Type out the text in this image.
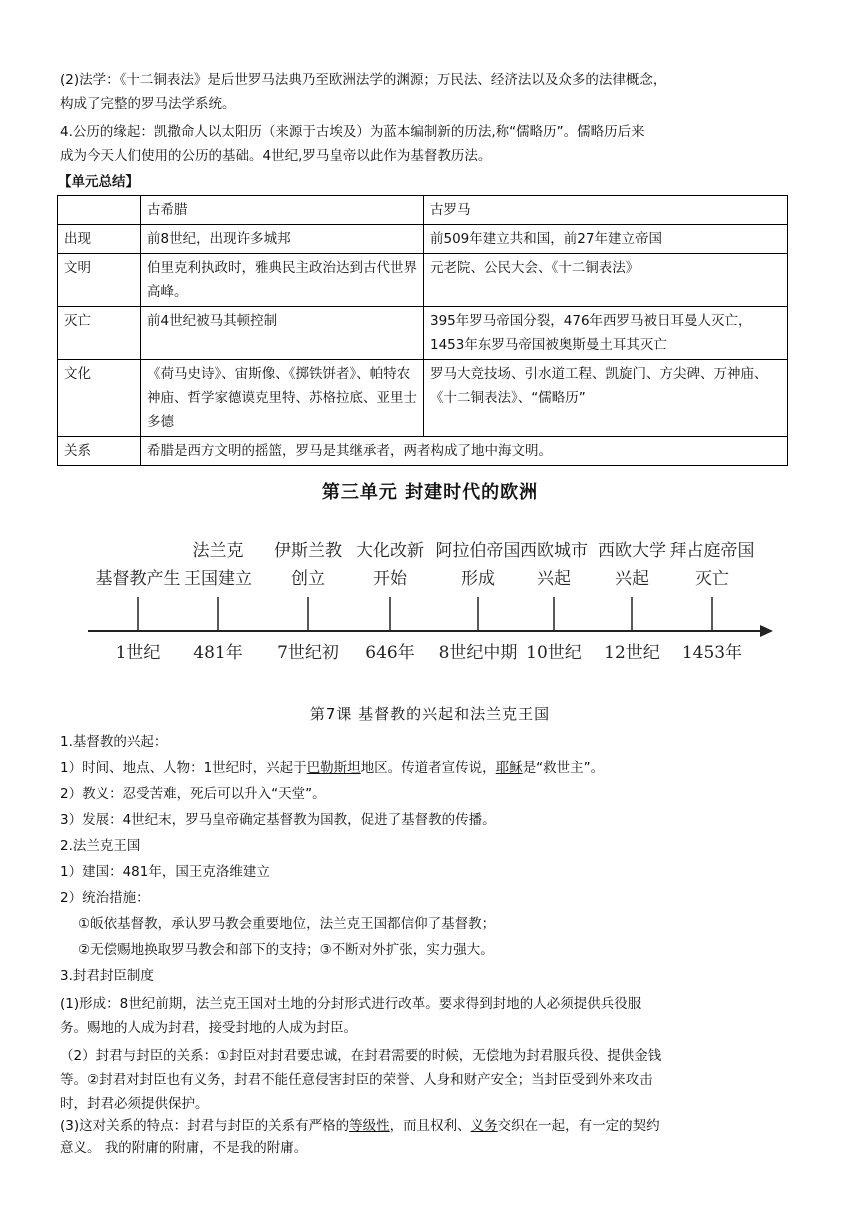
(2)法学：《十二铜表法》是后世罗马法典乃至欧洲法学的渊源；万民法、经济法以及众多的法律概念，
构成了完整的罗马法学系统。
4.公历的缘起：凯撒命人以太阳历（来源于古埃及）为蓝本编制新的历法,称“儒略历”。儒略历后来
成为今天人们使用的公历的基础。4世纪,罗马皇帝以此作为基督教历法。
【单元总结】
	古希腊	古罗马
出现	前8世纪，出现许多城邦	前509年建立共和国，前27年建立帝国
文明	伯里克利执政时，雅典民主政治达到古代世界高峰。	元老院、公民大会、《十二铜表法》
灭亡	前4世纪被马其顿控制	395年罗马帝国分裂，476年西罗马被日耳曼人灭亡，1453年东罗马帝国被奥斯曼土耳其灭亡
文化	《荷马史诗》、宙斯像、《掷铁饼者》、帕特农神庙、哲学家德谟克里特、苏格拉底、亚里士多德	罗马大竞技场、引水道工程、凯旋门、方尖碑、万神庙、《十二铜表法》、“儒略历”
关系	希腊是西方文明的摇篮，罗马是其继承者，两者构成了地中海文明。	
第三单元 封建时代的欧洲
基督教产生
1世纪
法兰克
王国建立
481年
伊斯兰教
创立
7世纪初
大化改新
开始
646年
阿拉伯帝国
形成
8世纪中期
西欧城市
兴起
10世纪
西欧大学
兴起
12世纪
拜占庭帝国
灭亡
1453年
第7课 基督教的兴起和法兰克王国
1.基督教的兴起：
1）时间、地点、人物：1世纪时，兴起于巴勒斯坦地区。传道者宣传说，耶稣是“救世主”。
2）教义：忍受苦难，死后可以升入“天堂”。
3）发展：4世纪末，罗马皇帝确定基督教为国教，促进了基督教的传播。
2.法兰克王国
1）建国：481年，国王克洛维建立
2）统治措施：
①皈依基督教，承认罗马教会重要地位，法兰克王国都信仰了基督教；
②无偿赐地换取罗马教会和部下的支持；③不断对外扩张，实力强大。
3.封君封臣制度
(1)形成：8世纪前期，法兰克王国对土地的分封形式进行改革。要求得到封地的人必须提供兵役服
务。赐地的人成为封君，接受封地的人成为封臣。
（2）封君与封臣的关系：①封臣对封君要忠诚，在封君需要的时候，无偿地为封君服兵役、提供金钱
等。②封君对封臣也有义务，封君不能任意侵害封臣的荣誉、人身和财产安全；当封臣受到外来攻击
时，封君必须提供保护。
(3)这对关系的特点：封君与封臣的关系有严格的等级性，而且权利、义务交织在一起，有一定的契约
意义。 我的附庸的附庸，不是我的附庸。
